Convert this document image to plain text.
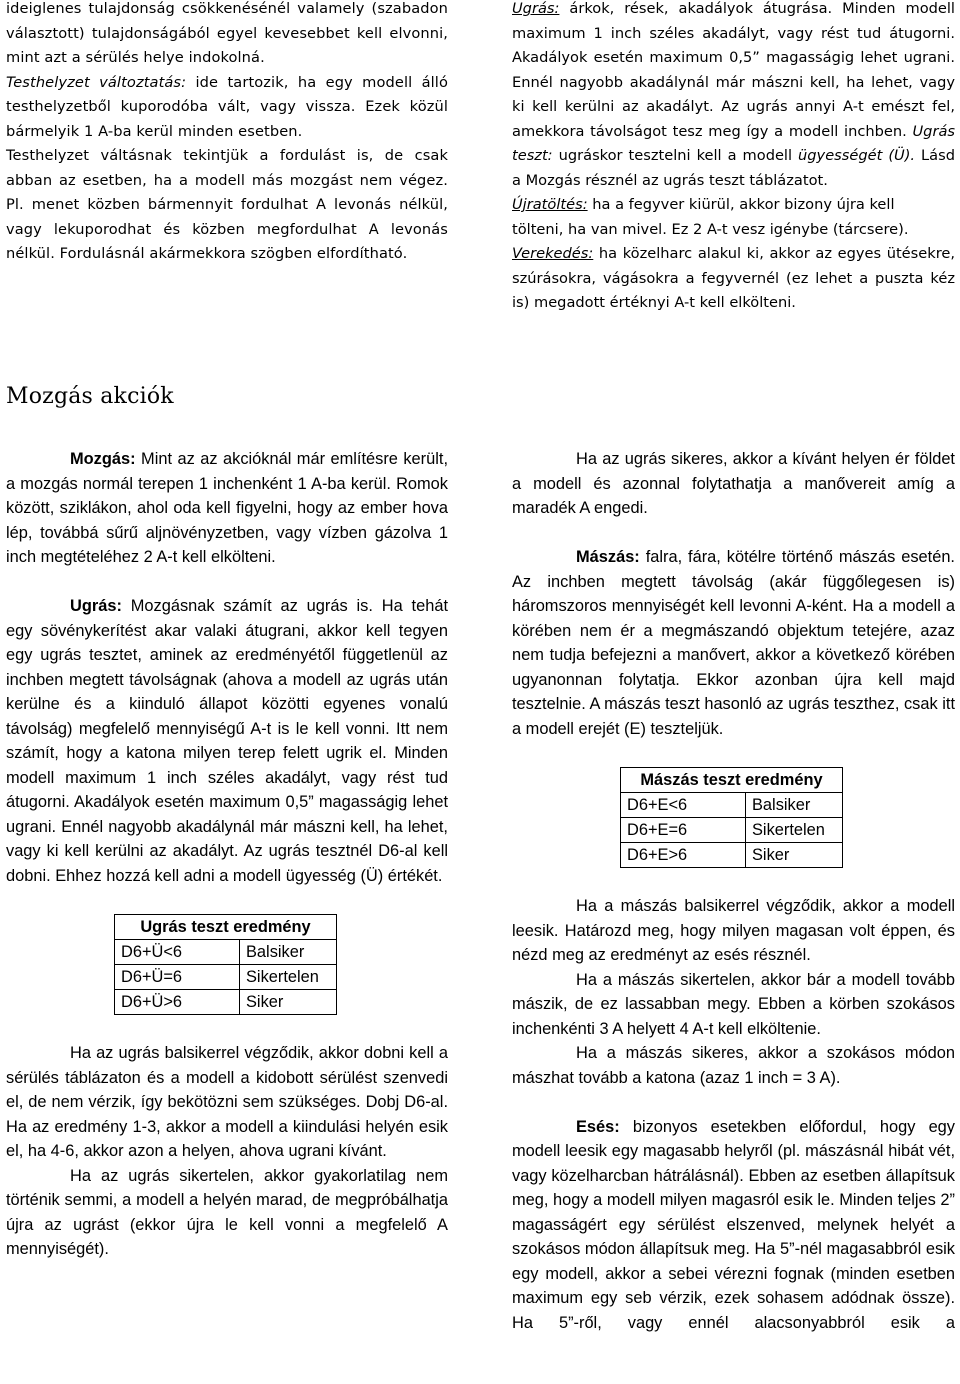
ideiglenes tulajdonság csökkenésénél valamely (szabadon választott) tulajdonságából egyel kevesebbet kell elvonni, mint azt a sérülés helye indokolná.

Testhelyzet változtatás: ide tartozik, ha egy modell álló testhelyzetből kuporodóba vált, vagy vissza. Ezek közül bármelyik 1 A-ba kerül minden esetben.

Testhelyzet váltásnak tekintjük a fordulást is, de csak abban az esetben, ha a modell más mozgást nem végez. Pl. menet közben bármennyit fordulhat A levonás nélkül, vagy lekuporodhat és közben megfordulhat A levonás nélkül. Fordulásnál akármekkora szögben elfordítható.

Ugrás: árkok, rések, akadályok átugrása. Minden modell maximum 1 inch széles akadályt, vagy rést tud átugorni. Akadályok esetén maximum 0,5” magasságig lehet ugrani. Ennél nagyobb akadálynál már mászni kell, ha lehet, vagy ki kell kerülni az akadályt. Az ugrás annyi A-t emészt fel, amekkora távolságot tesz meg így a modell inchben. Ugrás teszt: ugráskor tesztelni kell a modell ügyességét (Ü). Lásd a Mozgás résznél az ugrás teszt táblázatot.

Újratöltés: ha a fegyver kiürül, akkor bizony újra kell

tölteni, ha van mivel. Ez 2 A-t vesz igénybe (tárcsere).

Verekedés: ha közelharc alakul ki, akkor az egyes ütésekre, szúrásokra, vágásokra a fegyvernél (ez lehet a puszta kéz is) megadott értéknyi A-t kell elkölteni.

Mozgás akciók

Mozgás: Mint az az akcióknál már említésre került, a mozgás normál terepen 1 inchenként 1 A-ba kerül. Romok között, sziklákon, ahol oda kell figyelni, hogy az ember hova lép, továbbá sűrű aljnövényzetben, vagy vízben gázolva 1 inch megtételéhez 2 A-t kell elkölteni.

Ugrás: Mozgásnak számít az ugrás is. Ha tehát egy sövénykerítést akar valaki átugrani, akkor kell tegyen egy ugrás tesztet, aminek az eredményétől függetlenül az inchben megtett távolságnak (ahova a modell az ugrás után kerülne és a kiinduló állapot közötti egyenes vonalú távolság) megfelelő mennyiségű A-t is le kell vonni. Itt nem számít, hogy a katona milyen terep felett ugrik el. Minden modell maximum 1 inch széles akadályt, vagy rést tud átugorni. Akadályok esetén maximum 0,5” magasságig lehet ugrani. Ennél nagyobb akadálynál már mászni kell, ha lehet, vagy ki kell kerülni az akadályt. Az ugrás tesztnél D6-al kell dobni. Ehhez hozzá kell adni a modell ügyesség (Ü) értékét.

Ugrás teszt eredmény	
D6+Ü<6	Balsiker
D6+Ü=6	Sikertelen
D6+Ü>6	Siker

Ha az ugrás balsikerrel végződik, akkor dobni kell a sérülés táblázaton és a modell a kidobott sérülést szenvedi el, de nem vérzik, így bekötözni sem szükséges. Dobj D6-al. Ha az eredmény 1-3, akkor a modell a kiindulási helyén esik el, ha 4-6, akkor azon a helyen, ahova ugrani kívánt.

Ha az ugrás sikertelen, akkor gyakorlatilag nem történik semmi, a modell a helyén marad, de megpróbálhatja újra az ugrást (ekkor újra le kell vonni a megfelelő A mennyiségét).

Ha az ugrás sikeres, akkor a kívánt helyen ér földet a modell és azonnal folytathatja a manővereit amíg a maradék A engedi.

Mászás: falra, fára, kötélre történő mászás esetén. Az inchben megtett távolság (akár függőlegesen is) háromszoros mennyiségét kell levonni A-ként. Ha a modell a körében nem ér a megmászandó objektum tetejére, azaz nem tudja befejezni a manővert, akkor a következő körében ugyanonnan folytatja. Ekkor azonban újra kell majd tesztelnie. A mászás teszt hasonló az ugrás teszthez, csak itt a modell erejét (E) teszteljük.

Mászás teszt eredmény	
D6+E<6	Balsiker
D6+E=6	Sikertelen
D6+E>6	Siker

Ha a mászás balsikerrel végződik, akkor a modell leesik. Határozd meg, hogy milyen magasan volt éppen, és nézd meg az eredményt az esés résznél.

Ha a mászás sikertelen, akkor bár a modell tovább mászik, de ez lassabban megy. Ebben a körben szokásos inchenkénti 3 A helyett 4 A-t kell elköltenie.

Ha a mászás sikeres, akkor a szokásos módon mászhat tovább a katona (azaz 1 inch = 3 A).

Esés: bizonyos esetekben előfordul, hogy egy modell leesik egy magasabb helyről (pl. mászásnál hibát vét, vagy közelharcban hátrálásnál). Ebben az esetben állapítsuk meg, hogy a modell milyen magasról esik le. Minden teljes 2” magasságért egy sérülést elszenved, melynek helyét a szokásos módon állapítsuk meg. Ha 5”-nél magasabbról esik egy modell, akkor a sebei vérezni fognak (minden esetben maximum egy seb vérzik, ezek sohasem adódnak össze). Ha 5”-ről, vagy ennél alacsonyabbról esik a
